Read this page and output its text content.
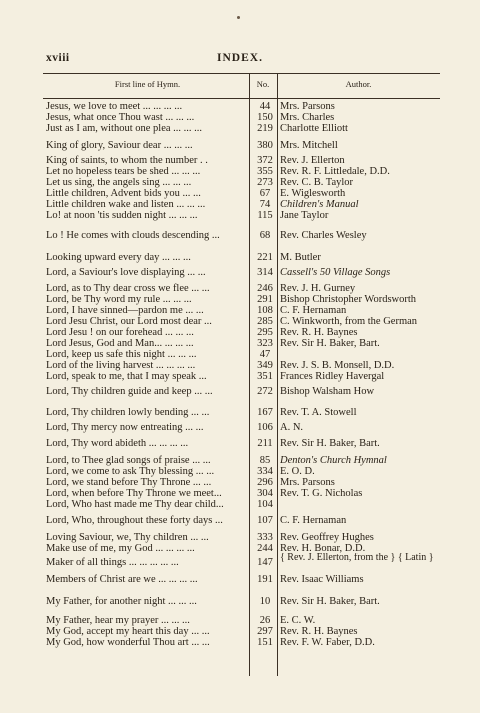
xviii	INDEX.
First line of Hymn.	No.	Author.
Jesus, we love to meet ... ... ... ...	44 Mrs. Parsons
Jesus, what once Thou wast ... ... ...	150 Mrs. Charles
Just as I am, without one plea ... ... ...	219 Charlotte Elliott
King of glory, Saviour dear ... ... ...	380 Mrs. Mitchell
King of saints, to whom the number . .	372 Rev. J. Ellerton
Let no hopeless tears be shed ... ... ...	355 Rev. R. F. Littledale, D.D.
Let us sing, the angels sing ... ... ...	273 Rev. C. B. Taylor
Little children, Advent bids you ... ...	67 E. Wiglesworth
Little children wake and listen ... ... ...	74 Children's Manual
Lo! at noon 'tis sudden night ... ... ...	115 Jane Taylor
Lo ! He comes with clouds descending ...	68 Rev. Charles Wesley
Looking upward every day ... ... ...	221 M. Butler
Lord, a Saviour's love displaying ... ...	314 Cassell's 50 Village Songs
Lord, as to Thy dear cross we flee ... ...	246 Rev. J. H. Gurney
Lord, be Thy word my rule ... ... ...	291 Bishop Christopher Wordsworth
Lord, I have sinned—pardon me ... ...	108 C. F. Hernaman
Lord Jesu Christ, our Lord most dear ...	285 C. Winkworth, from the German
Lord Jesu ! on our forehead ... ... ...	295 Rev. R. H. Baynes
Lord Jesus, God and Man... ... ... ...	323 Rev. Sir H. Baker, Bart.
Lord, keep us safe this night ... ... ...	47
Lord of the living harvest ... ... ... ...	349 Rev. J. S. B. Monsell, D.D.
Lord, speak to me, that I may speak ...	351 Frances Ridley Havergal
Lord, Thy children guide and keep ... ...	272 Bishop Walsham How
Lord, Thy children lowly bending ... ...	167 Rev. T. A. Stowell
Lord, Thy mercy now entreating ... ...	106 A. N.
Lord, Thy word abideth ... ... ... ...	211 Rev. Sir H. Baker, Bart.
Lord, to Thee glad songs of praise ... ...	85 Denton's Church Hymnal
Lord, we come to ask Thy blessing ... ...	334 E. O. D.
Lord, we stand before Thy Throne ... ...	296 Mrs. Parsons
Lord, when before Thy Throne we meet...	304 Rev. T. G. Nicholas
Lord, Who hast made me Thy dear child...	104
Lord, Who, throughout these forty days ...	107 C. F. Hernaman
Loving Saviour, we, Thy children ... ...	333 Rev. Geoffrey Hughes
Make use of me, my God ... ... ... ...	244 Rev. H. Bonar, D.D.
Maker of all things ... ... ... ... ...	147 { Rev. J. Ellerton, from the } { Latin }
Members of Christ are we ... ... ... ...	191 Rev. Isaac Williams
My Father, for another night ... ... ...	10 Rev. Sir H. Baker, Bart.
My Father, hear my prayer ... ... ...	26 E. C. W.
My God, accept my heart this day ... ...	297 Rev. R. H. Baynes
My God, how wonderful Thou art ... ...	151 Rev. F. W. Faber, D.D.
